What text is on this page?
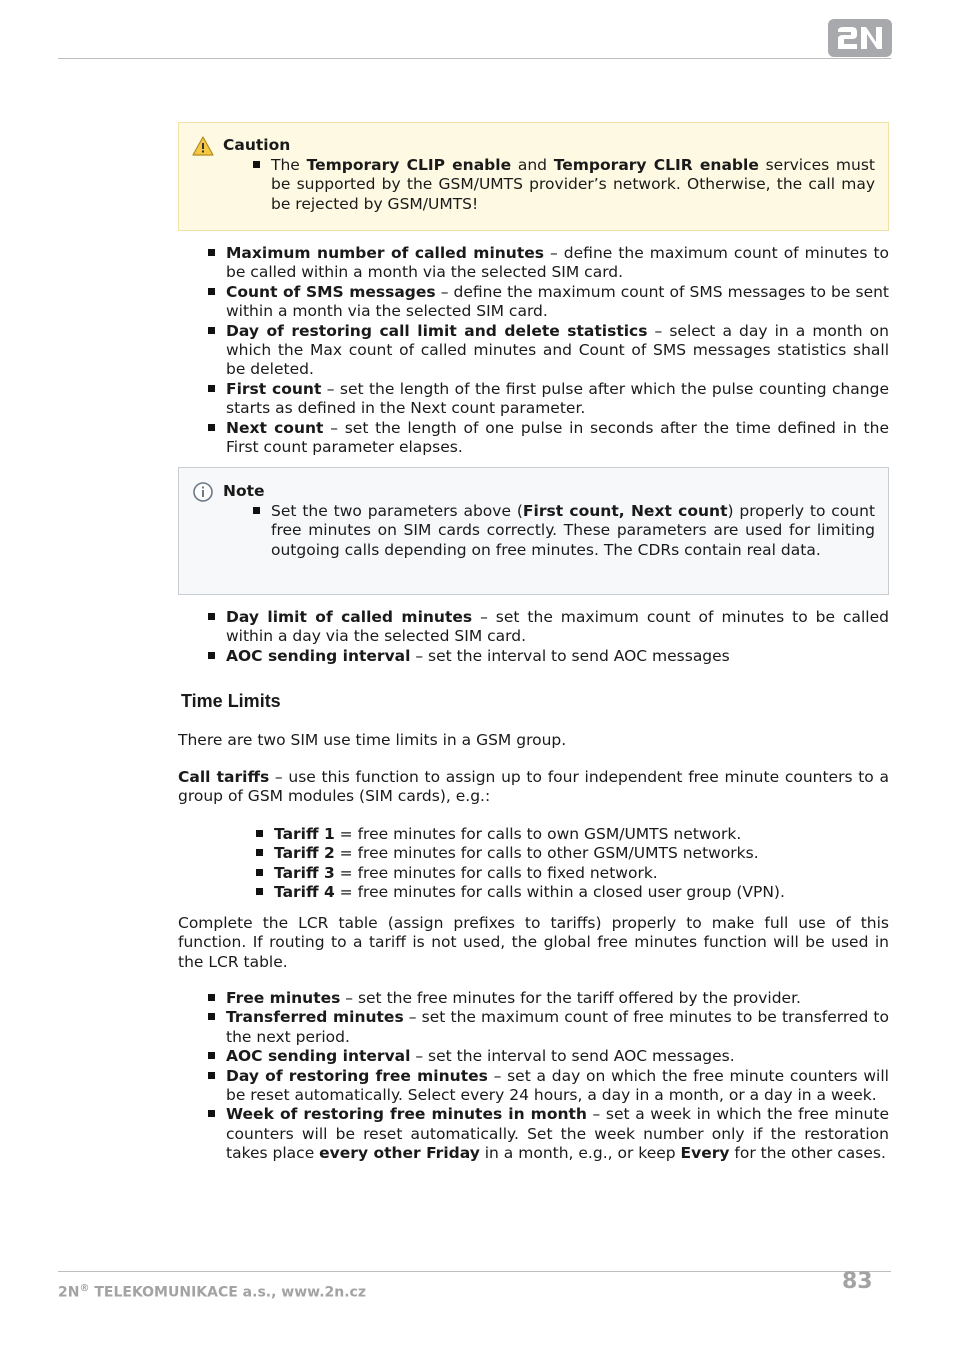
Caution
The Temporary CLIP enable and Temporary CLIR enable services must be supported by the GSM/UMTS provider’s network. Otherwise, the call may be rejected by GSM/UMTS!
Maximum number of called minutes – define the maximum count of minutes to be called within a month via the selected SIM card.
Count of SMS messages – define the maximum count of SMS messages to be sent within a month via the selected SIM card.
Day of restoring call limit and delete statistics – select a day in a month on which the Max count of called minutes and Count of SMS messages statistics shall be deleted.
First count – set the length of the first pulse after which the pulse counting change starts as defined in the Next count parameter.
Next count – set the length of one pulse in seconds after the time defined in the First count parameter elapses.
Note
Set the two parameters above (First count, Next count) properly to count free minutes on SIM cards correctly. These parameters are used for limiting outgoing calls depending on free minutes. The CDRs contain real data.
Day limit of called minutes – set the maximum count of minutes to be called within a day via the selected SIM card.
AOC sending interval – set the interval to send AOC messages
Time Limits

There are two SIM use time limits in a GSM group.

Call tariffs – use this function to assign up to four independent free minute counters to a group of GSM modules (SIM cards), e.g.:

Tariff 1 = free minutes for calls to own GSM/UMTS network.
Tariff 2 = free minutes for calls to other GSM/UMTS networks.
Tariff 3 = free minutes for calls to fixed network.
Tariff 4 = free minutes for calls within a closed user group (VPN).

Complete the LCR table (assign prefixes to tariffs) properly to make full use of this function. If routing to a tariff is not used, the global free minutes function will be used in the LCR table.

Free minutes – set the free minutes for the tariff offered by the provider.
Transferred minutes – set the maximum count of free minutes to be transferred to the next period.
AOC sending interval – set the interval to send AOC messages.
Day of restoring free minutes – set a day on which the free minute counters will be reset automatically. Select every 24 hours, a day in a month, or a day in a week.
Week of restoring free minutes in month – set a week in which the free minute counters will be reset automatically. Set the week number only if the restoration takes place every other Friday in a month, e.g., or keep Every for the other cases.
2N® TELEKOMUNIKACE a.s., www.2n.cz	83
